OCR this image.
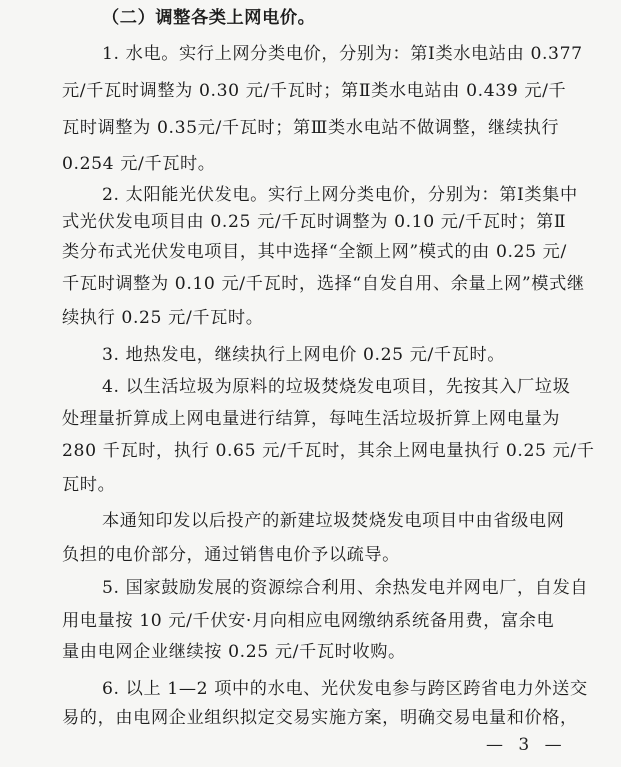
（二）调整各类上网电价。
1. 水电。实行上网分类电价，分别为：第Ⅰ类水电站由 0.377
元/千瓦时调整为 0.30 元/千瓦时；第Ⅱ类水电站由 0.439 元/千
瓦时调整为 0.35元/千瓦时；第Ⅲ类水电站不做调整，继续执行
0.254 元/千瓦时。
2. 太阳能光伏发电。实行上网分类电价，分别为：第Ⅰ类集中
式光伏发电项目由 0.25 元/千瓦时调整为 0.10 元/千瓦时；第Ⅱ
类分布式光伏发电项目，其中选择“全额上网”模式的由 0.25 元/
千瓦时调整为 0.10 元/千瓦时，选择“自发自用、余量上网”模式继
续执行 0.25 元/千瓦时。
3. 地热发电，继续执行上网电价 0.25 元/千瓦时。
4. 以生活垃圾为原料的垃圾焚烧发电项目，先按其入厂垃圾
处理量折算成上网电量进行结算，每吨生活垃圾折算上网电量为
280 千瓦时，执行 0.65 元/千瓦时，其余上网电量执行 0.25 元/千
瓦时。
本通知印发以后投产的新建垃圾焚烧发电项目中由省级电网
负担的电价部分，通过销售电价予以疏导。
5. 国家鼓励发展的资源综合利用、余热发电并网电厂，自发自
用电量按 10 元/千伏安·月向相应电网缴纳系统备用费，富余电
量由电网企业继续按 0.25 元/千瓦时收购。
6. 以上 1—2 项中的水电、光伏发电参与跨区跨省电力外送交
易的，由电网企业组织拟定交易实施方案，明确交易电量和价格，
— 3 —
